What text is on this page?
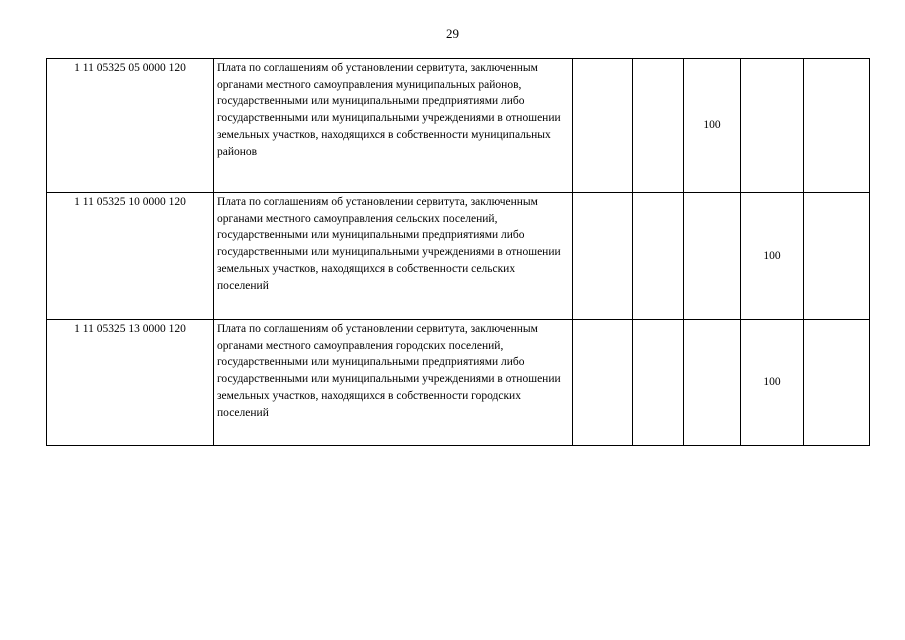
29
1 11 05325 05 0000 120	Плата по соглашениям об установлении сервитута, заключенным органами местного самоуправления муниципальных районов, государственными или муниципальными предприятиями либо государственными или муниципальными учреждениями в отношении земельных участков, находящихся в собственности муниципальных районов			100		
1 11 05325 10 0000 120	Плата по соглашениям об установлении сервитута, заключенным органами местного самоуправления сельских поселений, государственными или муниципальными предприятиями либо государственными или муниципальными учреждениями в отношении земельных участков, находящихся в собственности сельских поселений				100	
1 11 05325 13 0000 120	Плата по соглашениям об установлении сервитута, заключенным органами местного самоуправления городских поселений, государственными или муниципальными предприятиями либо государственными или муниципальными учреждениями в отношении земельных участков, находящихся в собственности городских поселений				100	
